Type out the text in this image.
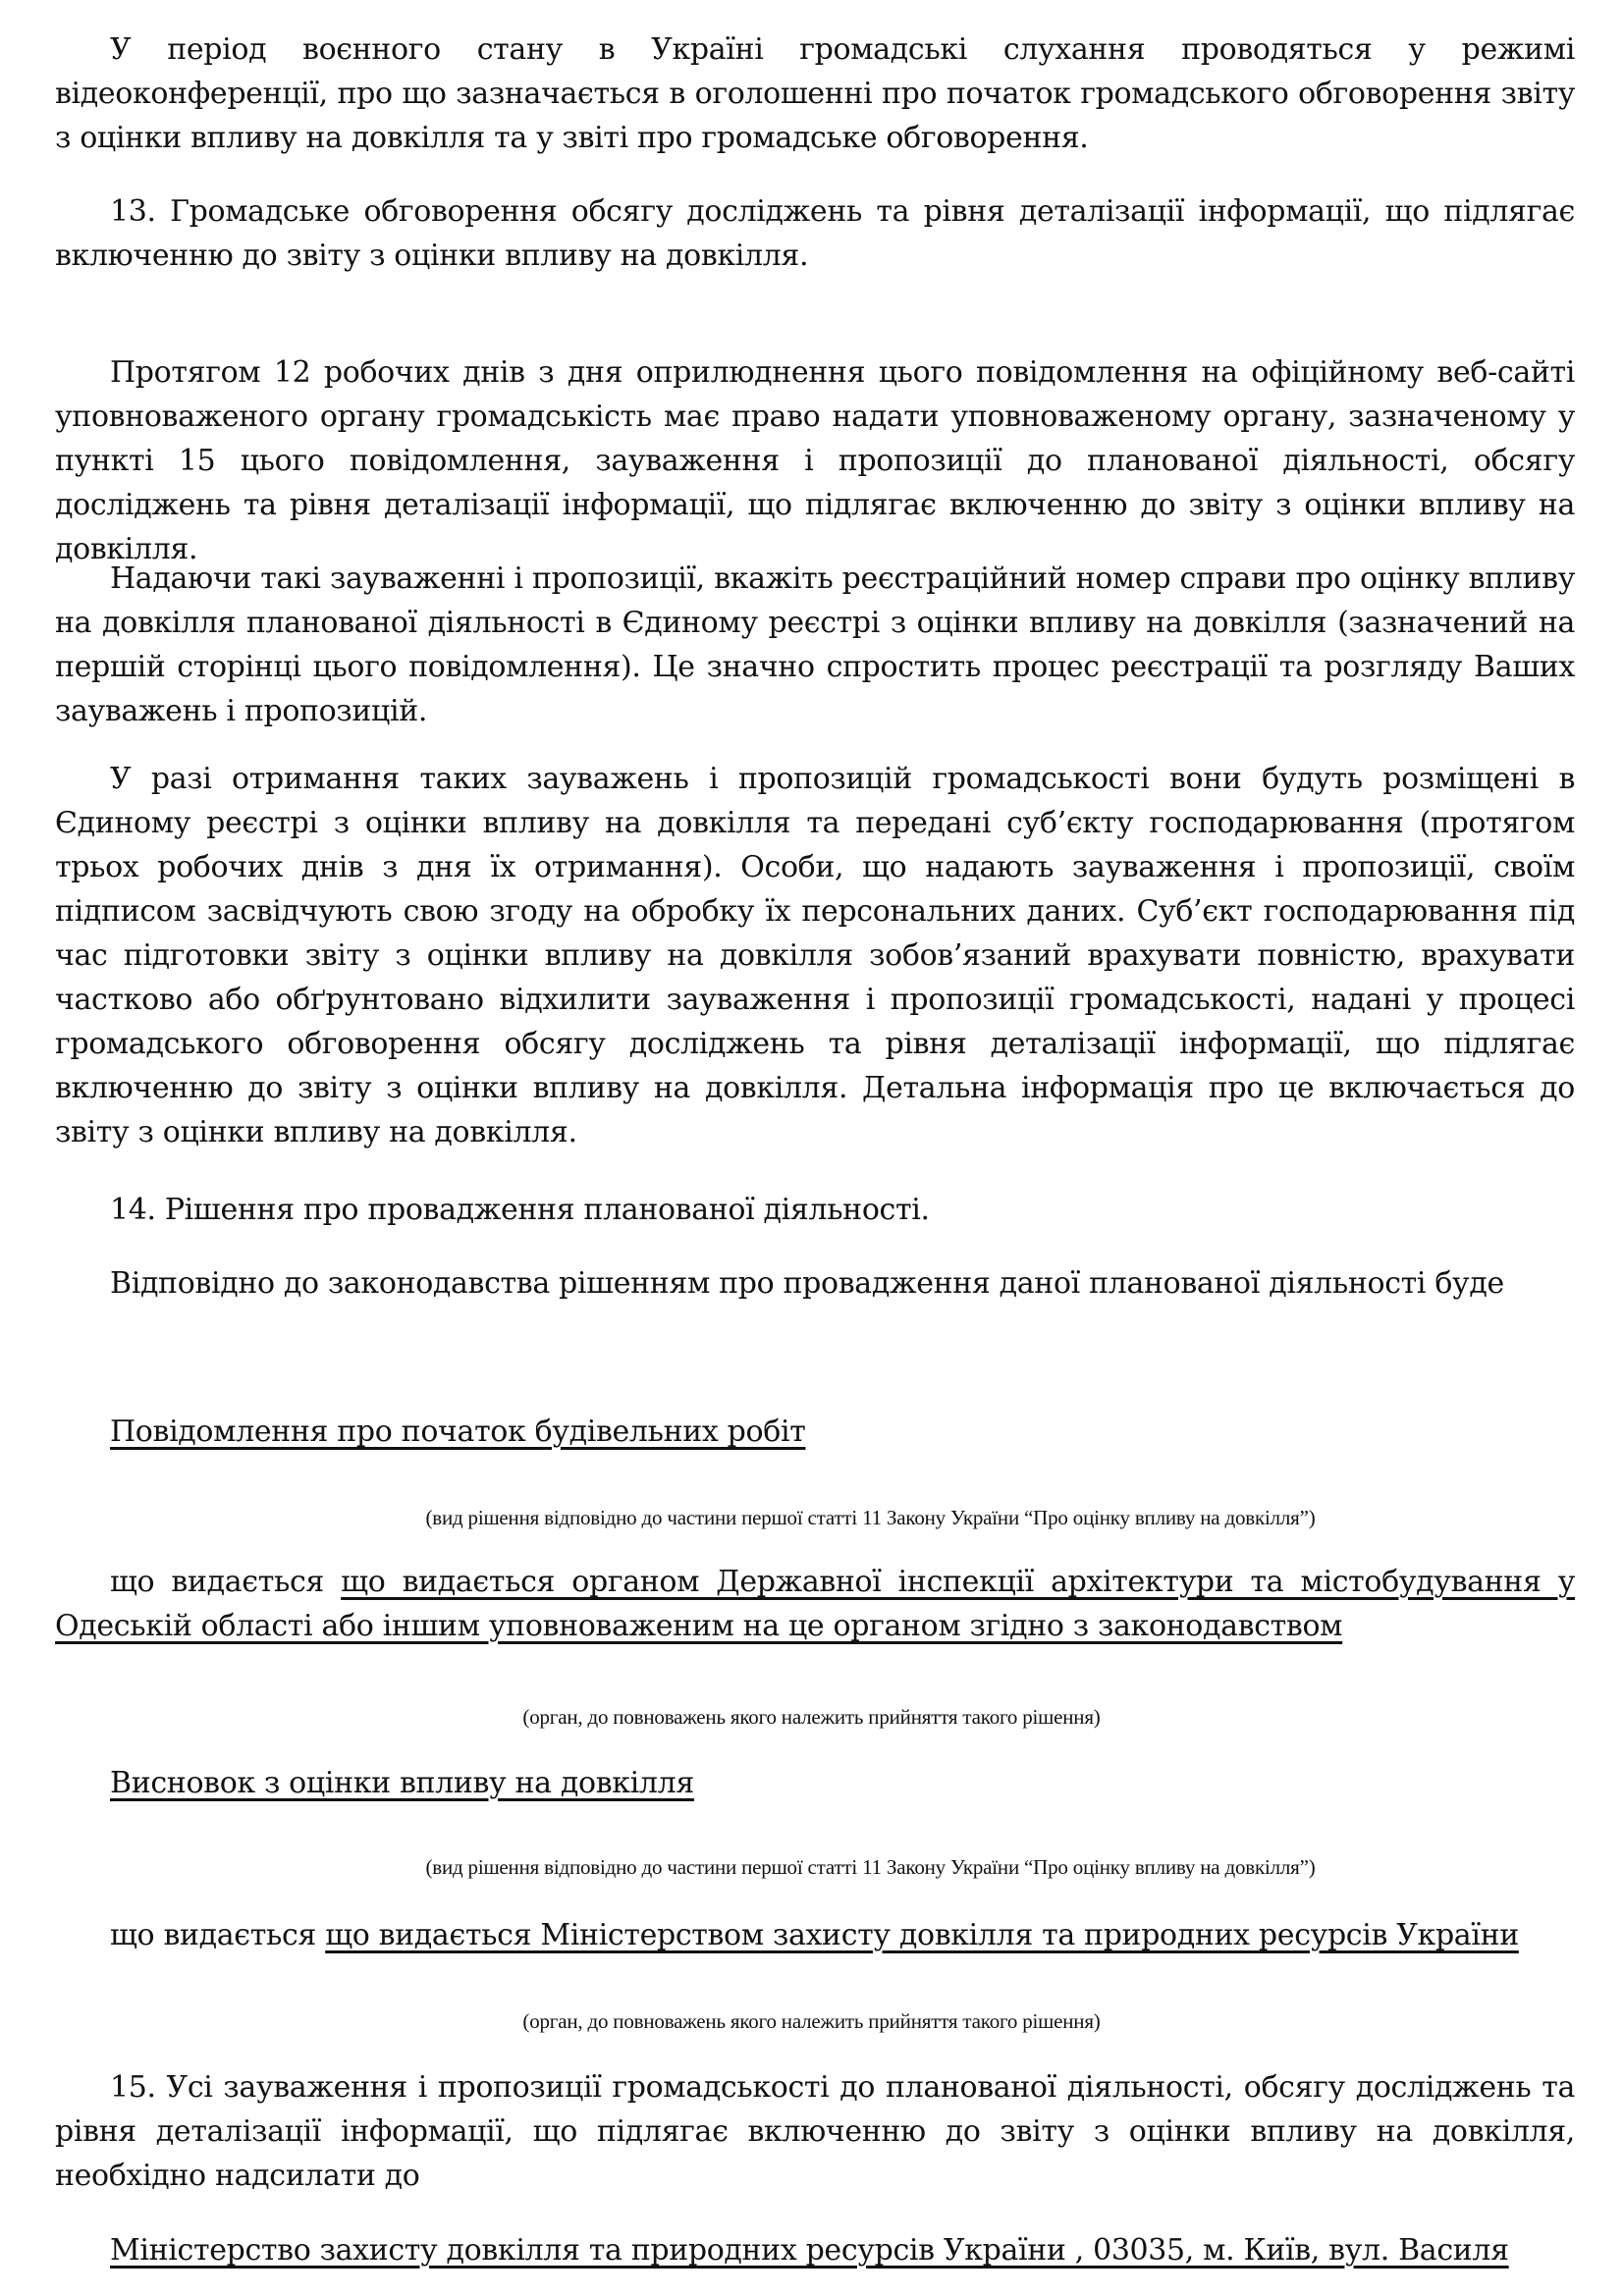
У період воєнного стану в Україні громадські слухання проводяться у режимі відеоконференції, про що зазначається в оголошенні про початок громадського обговорення звіту з оцінки впливу на довкілля та у звіті про громадське обговорення.

13. Громадське обговорення обсягу досліджень та рівня деталізації інформації, що підлягає включенню до звіту з оцінки впливу на довкілля.

Протягом 12 робочих днів з дня оприлюднення цього повідомлення на офіційному веб-сайті уповноваженого органу громадськість має право надати уповноваженому органу, зазначеному у пункті 15 цього повідомлення, зауваження і пропозиції до планованої діяльності, обсягу досліджень та рівня деталізації інформації, що підлягає включенню до звіту з оцінки впливу на довкілля.

Надаючи такі зауваженні і пропозиції, вкажіть реєстраційний номер справи про оцінку впливу на довкілля планованої діяльності в Єдиному реєстрі з оцінки впливу на довкілля (зазначений на першій сторінці цього повідомлення). Це значно спростить процес реєстрації та розгляду Ваших зауважень і пропозицій.

У разі отримання таких зауважень і пропозицій громадськості вони будуть розміщені в Єдиному реєстрі з оцінки впливу на довкілля та передані суб’єкту господарювання (протягом трьох робочих днів з дня їх отримання). Особи, що надають зауваження і пропозиції, своїм підписом засвідчують свою згоду на обробку їх персональних даних. Суб’єкт господарювання під час підготовки звіту з оцінки впливу на довкілля зобов’язаний врахувати повністю, врахувати частково або обґрунтовано відхилити зауваження і пропозиції громадськості, надані у процесі громадського обговорення обсягу досліджень та рівня деталізації інформації, що підлягає включенню до звіту з оцінки впливу на довкілля. Детальна інформація про це включається до звіту з оцінки впливу на довкілля.

14. Рішення про провадження планованої діяльності.

Відповідно до законодавства рішенням про провадження даної планованої діяльності буде

Повідомлення про початок будівельних робіт

(вид рішення відповідно до частини першої статті 11 Закону України “Про оцінку впливу на довкілля”)

що видається що видається органом Державної інспекції архітектури та містобудування у Одеській області або іншим уповноваженим на це органом згідно з законодавством

(орган, до повноважень якого належить прийняття такого рішення)

Висновок з оцінки впливу на довкілля

(вид рішення відповідно до частини першої статті 11 Закону України “Про оцінку впливу на довкілля”)

що видається що видається Міністерством захисту довкілля та природних ресурсів України

(орган, до повноважень якого належить прийняття такого рішення)

15. Усі зауваження і пропозиції громадськості до планованої діяльності, обсягу досліджень та рівня деталізації інформації, що підлягає включенню до звіту з оцінки впливу на довкілля, необхідно надсилати до

Міністерство захисту довкілля та природних ресурсів України , 03035, м. Київ, вул. Василя
